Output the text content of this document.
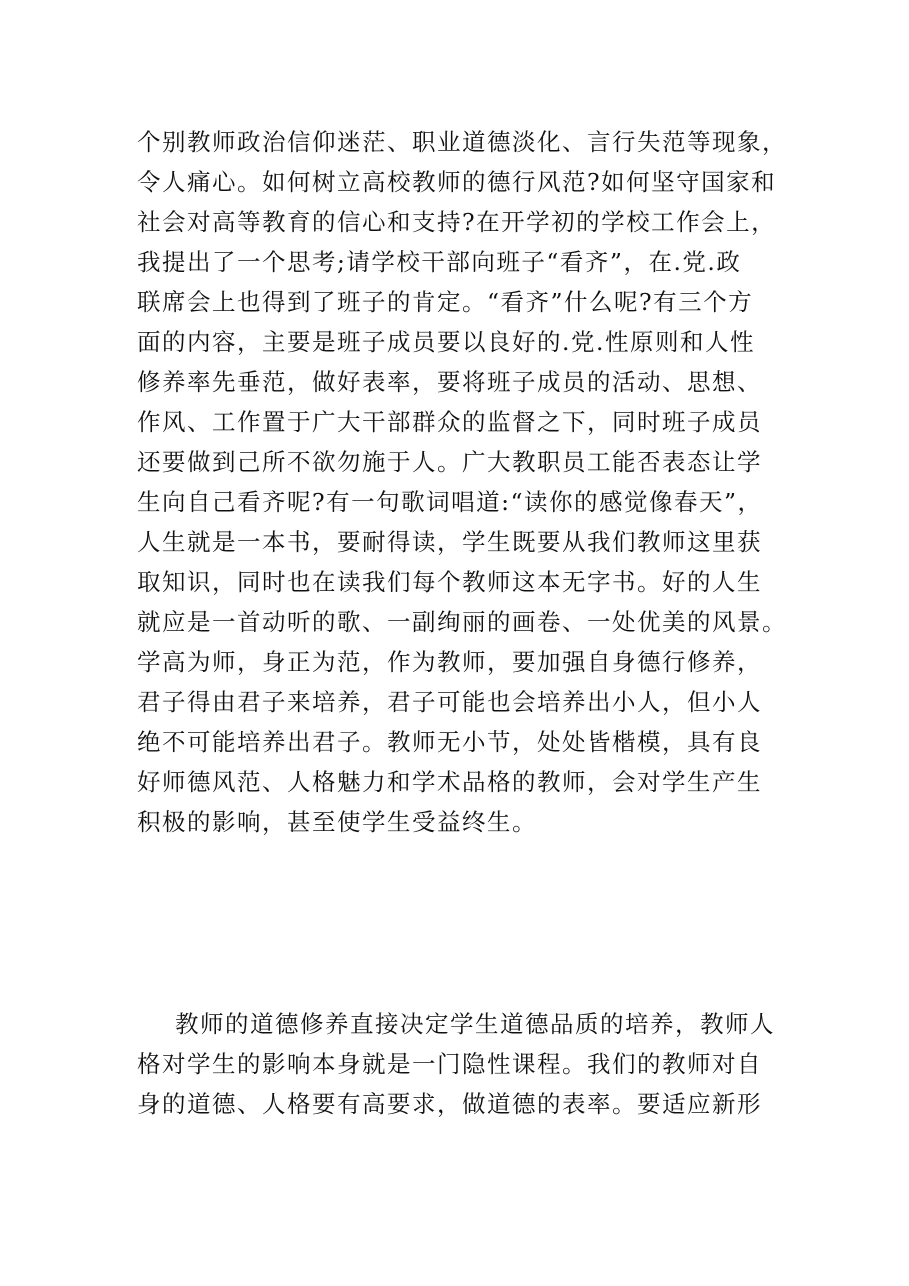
个别教师政治信仰迷茫、职业道德淡化、言行失范等现象，
令人痛心。如何树立高校教师的德行风范?如何坚守国家和
社会对高等教育的信心和支持?在开学初的学校工作会上，
我提出了一个思考;请学校干部向班子“看齐”，在.党.政
联席会上也得到了班子的肯定。“看齐”什么呢?有三个方
面的内容，主要是班子成员要以良好的.党.性原则和人性
修养率先垂范，做好表率，要将班子成员的活动、思想、
作风、工作置于广大干部群众的监督之下，同时班子成员
还要做到己所不欲勿施于人。广大教职员工能否表态让学
生向自己看齐呢?有一句歌词唱道:“读你的感觉像春天”，
人生就是一本书，要耐得读，学生既要从我们教师这里获
取知识，同时也在读我们每个教师这本无字书。好的人生
就应是一首动听的歌、一副绚丽的画卷、一处优美的风景。
学高为师，身正为范，作为教师，要加强自身德行修养，
君子得由君子来培养，君子可能也会培养出小人，但小人
绝不可能培养出君子。教师无小节，处处皆楷模，具有良
好师德风范、人格魅力和学术品格的教师，会对学生产生
积极的影响，甚至使学生受益终生。
教师的道德修养直接决定学生道德品质的培养，教师人
格对学生的影响本身就是一门隐性课程。我们的教师对自
身的道德、人格要有高要求，做道德的表率。要适应新形
